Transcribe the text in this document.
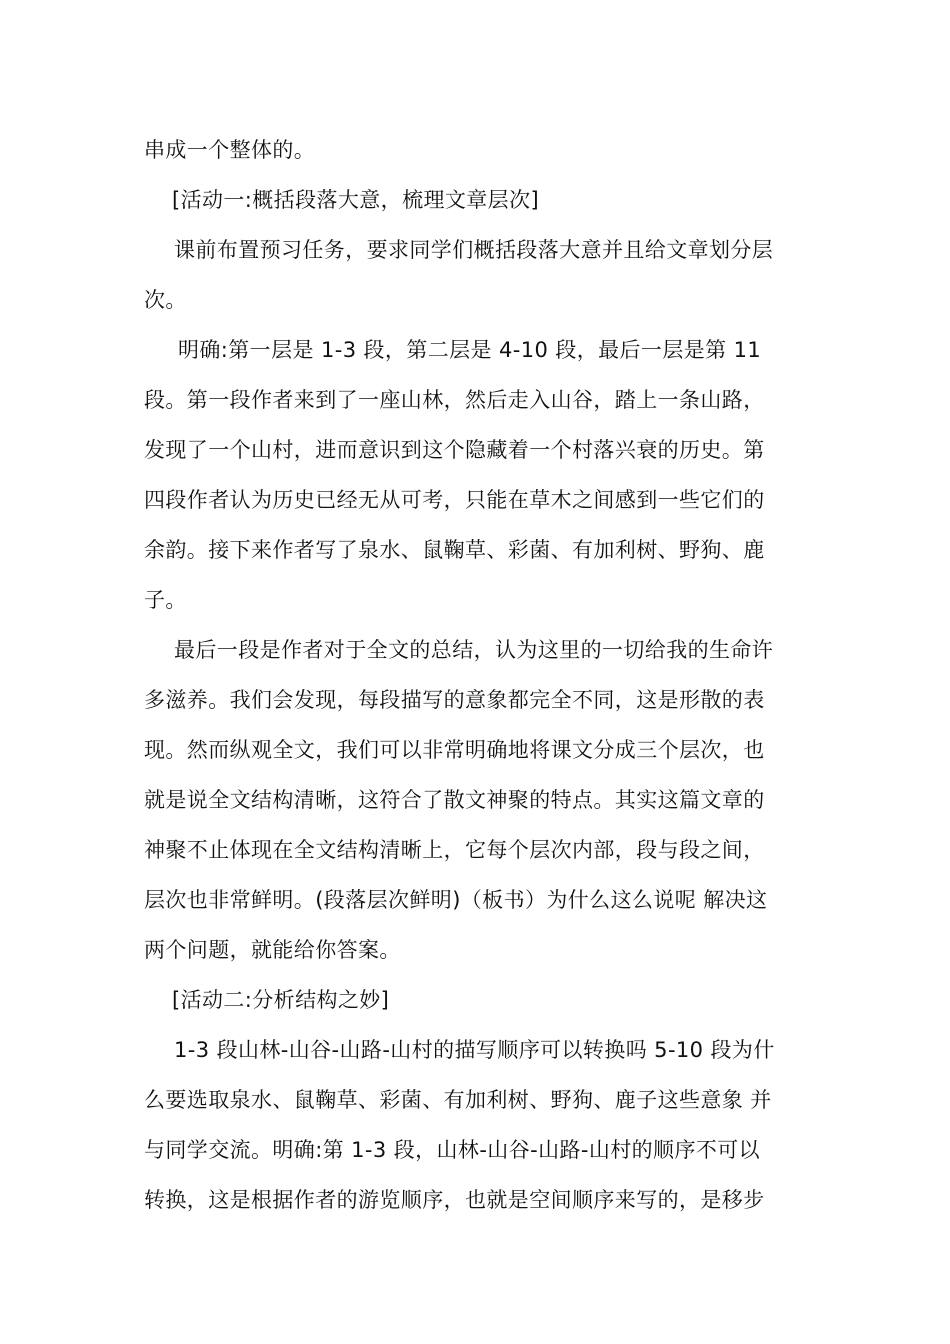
串成一个整体的。
[活动一:概括段落大意，梳理文章层次]
课前布置预习任务，要求同学们概括段落大意并且给文章划分层
次。
明确:第一层是 1-3 段，第二层是 4-10 段，最后一层是第 11
段。第一段作者来到了一座山林，然后走入山谷，踏上一条山路，
发现了一个山村，进而意识到这个隐藏着一个村落兴衰的历史。第
四段作者认为历史已经无从可考，只能在草木之间感到一些它们的
余韵。接下来作者写了泉水、鼠鞠草、彩菌、有加利树、野狗、鹿
子。
最后一段是作者对于全文的总结，认为这里的一切给我的生命许
多滋养。我们会发现，每段描写的意象都完全不同，这是形散的表
现。然而纵观全文，我们可以非常明确地将课文分成三个层次，也
就是说全文结构清晰，这符合了散文神聚的特点。其实这篇文章的
神聚不止体现在全文结构清晰上，它每个层次内部，段与段之间，
层次也非常鲜明。(段落层次鲜明)（板书）为什么这么说呢 解决这
两个问题，就能给你答案。
[活动二:分析结构之妙]
1-3 段山林-山谷-山路-山村的描写顺序可以转换吗 5-10 段为什
么要选取泉水、鼠鞠草、彩菌、有加利树、野狗、鹿子这些意象 并
与同学交流。明确:第 1-3 段，山林-山谷-山路-山村的顺序不可以
转换，这是根据作者的游览顺序，也就是空间顺序来写的，是移步
